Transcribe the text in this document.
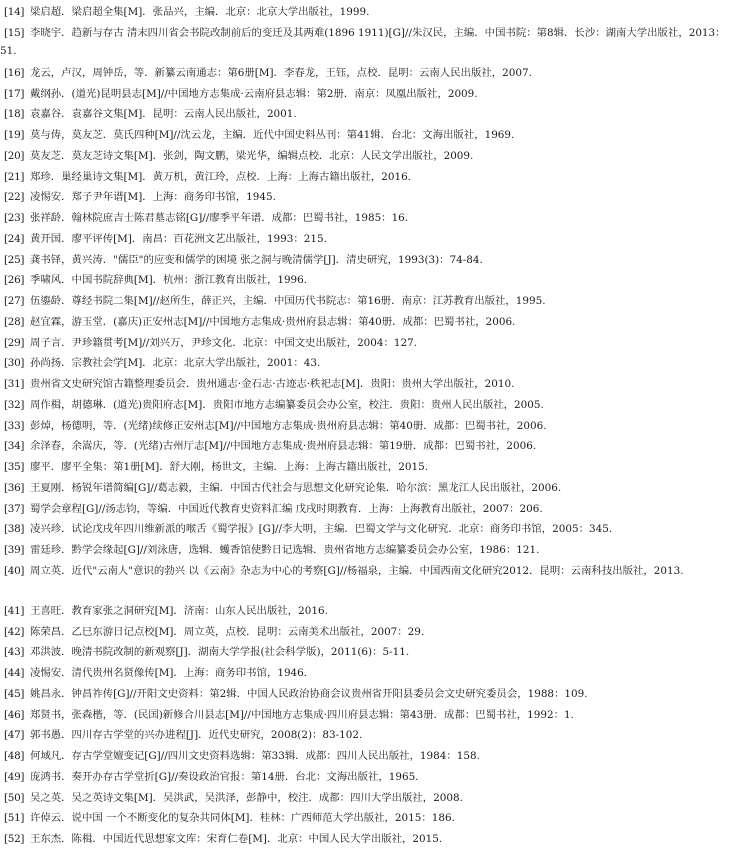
[14] 梁启超．梁启超全集[M]．张品兴，主编．北京：北京大学出版社，1999.
[15] 李晓宇．趋新与存古 清末四川省会书院改制前后的变迁及其两难(1896 1911)[G]//朱汉民，主编．中国书院：第8辑．长沙：湖南大学出版社，2013：51.
[16] 龙云，卢汉，周钟岳，等．新纂云南通志：第6册[M]．李春龙，王钰，点校．昆明：云南人民出版社，2007.
[17] 戴纲孙．(道光)昆明县志[M]//中国地方志集成·云南府县志辑：第2册．南京：凤凰出版社，2009.
[18] 袁嘉谷．袁嘉谷文集[M]．昆明：云南人民出版社，2001.
[19] 莫与俦，莫友芝．莫氏四种[M]//沈云龙，主编．近代中国史料丛刊：第41辑．台北：文海出版社，1969.
[20] 莫友芝．莫友芝诗文集[M]．张剑，陶文鹏，梁光华，编辑点校．北京：人民文学出版社，2009.
[21] 郑珍．巢经巢诗文集[M]．黄万机，黄江玲，点校．上海：上海古籍出版社，2016.
[22] 凌惕安．郑子尹年谱[M]．上海：商务印书馆，1945.
[23] 张祥龄．翰林院庶吉士陈君墓志铭[G]//廖季平年谱．成都：巴蜀书社，1985：16.
[24] 黄开国．廖平评传[M]．南昌：百花洲文艺出版社，1993：215.
[25] 龚书铎，黄兴涛．"儒臣"的应变和儒学的困境 张之洞与晚清儒学[J]．清史研究，1993(3)：74-84.
[26] 季啸风．中国书院辞典[M]．杭州：浙江教育出版社，1996.
[27] 伍鎏龄．尊经书院二集[M]//赵所生，薛正兴，主编．中国历代书院志：第16册．南京：江苏教育出版社，1995.
[28] 赵宜霖，游玉堂．(嘉庆)正安州志[M]//中国地方志集成·贵州府县志辑：第40册．成都：巴蜀书社，2006.
[29] 周子言．尹珍籍贯考[M]//刘兴万，尹珍文化．北京：中国文史出版社，2004：127.
[30] 孙尚扬．宗教社会学[M]．北京：北京大学出版社，2001：43.
[31] 贵州省文史研究馆古籍整理委员会．贵州通志·金石志·古迹志·秩祀志[M]．贵阳：贵州大学出版社，2010.
[32] 周作楫，胡德琳．(道光)贵阳府志[M]．贵阳市地方志编纂委员会办公室，校注．贵阳：贵州人民出版社，2005.
[33] 彭焯，杨德明，等．(光绪)续修正安州志[M]//中国地方志集成·贵州府县志辑：第40册．成都：巴蜀书社，2006.
[34] 余泽春，余嵩庆，等．(光绪)古州厅志[M]//中国地方志集成·贵州府县志辑：第19册．成都：巴蜀书社，2006.
[35] 廖平．廖平全集：第1册[M]．舒大刚，杨世文，主编．上海：上海古籍出版社，2015.
[36] 王夏刚．杨锐年谱简编[G]//葛志毅，主编．中国古代社会与思想文化研究论集．哈尔滨：黑龙江人民出版社，2006.
[37] 蜀学会章程[G]//汤志钧，等编．中国近代教育史资料汇编 戊戌时期教育．上海：上海教育出版社，2007：206.
[38] 凌兴珍．试论戊戌年四川维新派的喉舌《蜀学报》[G]//李大明，主编．巴蜀文学与文化研究．北京：商务印书馆，2005：345.
[39] 雷廷珍．黔学会缘起[G]//刘泳唐，选辑．蠖香馆使黔日记选辑．贵州省地方志编纂委员会办公室，1986：121.
[40] 周立英．近代"云南人"意识的勃兴 以《云南》杂志为中心的考察[G]//杨福泉，主编．中国西南文化研究2012．昆明：云南科技出版社，2013.
[41] 王喜旺．教育家张之洞研究[M]．济南：山东人民出版社，2016.
[42] 陈荣昌．乙巳东游日记点校[M]．周立英，点校．昆明：云南美术出版社，2007：29.
[43] 邓洪波．晚清书院改制的新观察[J]．湖南大学学报(社会科学版)，2011(6)：5-11.
[44] 凌惕安．清代贵州名贤像传[M]．上海：商务印书馆，1946.
[45] 姚昌永．钟昌祚传[G]//开阳文史资料：第2辑．中国人民政治协商会议贵州省开阳县委员会文史研究委员会，1988：109.
[46] 郑贤书，张森楷，等．(民国)新修合川县志[M]//中国地方志集成·四川府县志辑：第43册．成都：巴蜀书社，1992：1.
[47] 郭书愚．四川存古学堂的兴办进程[J]．近代史研究，2008(2)：83-102.
[48] 何域凡．存古学堂嬗变记[G]//四川文史资料选辑：第33辑．成都：四川人民出版社，1984：158.
[49] 庞鸿书．奏开办存古学堂折[G]//奏设政治官报：第14册．台北：文海出版社，1965.
[50] 吴之英．吴之英诗文集[M]．吴洪武，吴洪泽，彭静中，校注．成都：四川大学出版社，2008.
[51] 许倬云．说中国 一个不断变化的复杂共同体[M]．桂林：广西师范大学出版社，2015：186.
[52] 王东杰．陈楫．中国近代思想家文库：宋育仁卷[M]．北京：中国人民大学出版社，2015.
